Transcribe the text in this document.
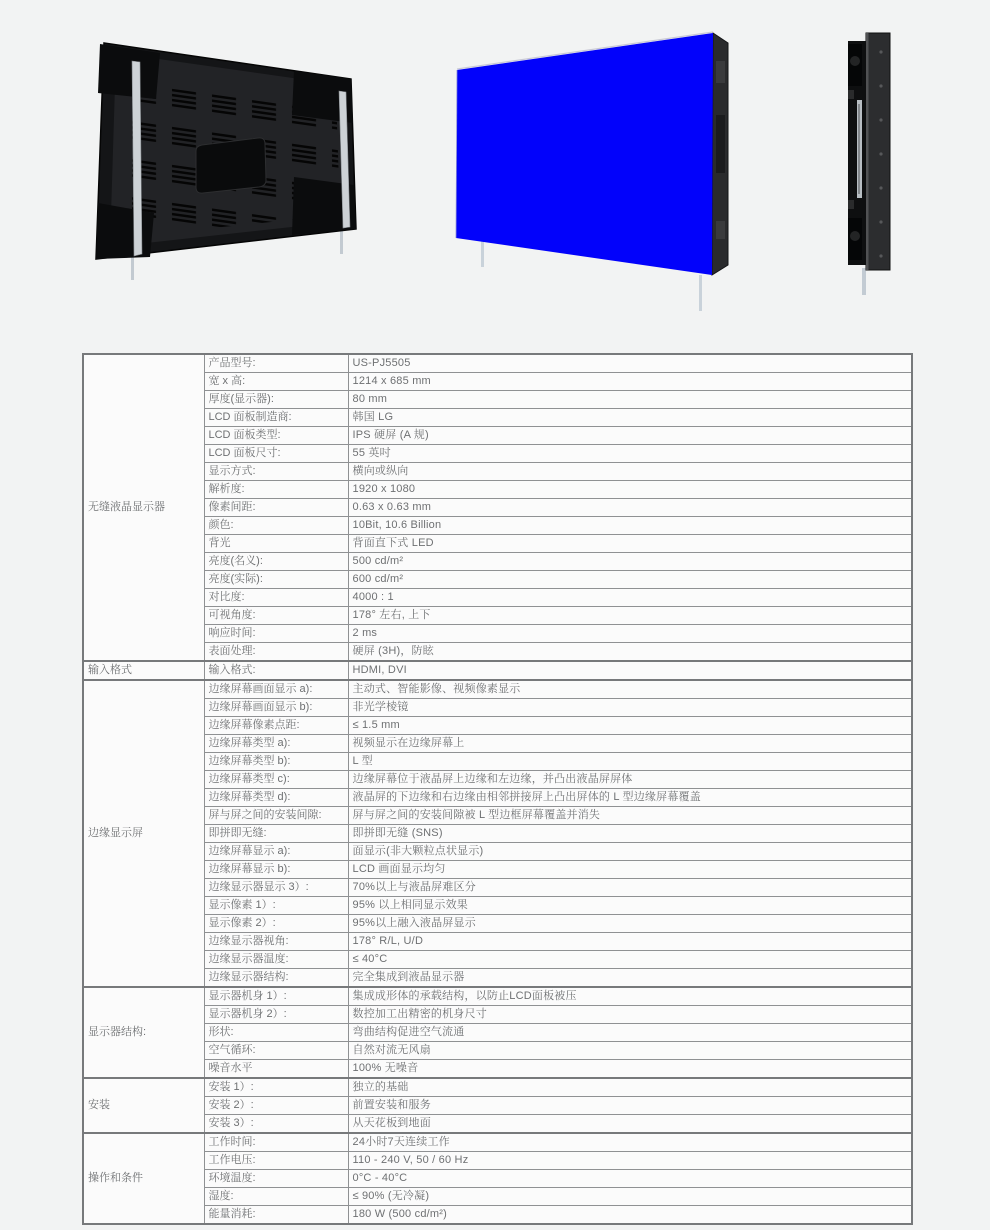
无缝液晶显示器	产品型号:	US-PJ5505
	宽 x 高:	1214 x 685 mm
	厚度(显示器):	80 mm
	LCD 面板制造商:	韩国 LG
	LCD 面板类型:	IPS 硬屏 (A 规)
	LCD 面板尺寸:	55 英吋
	显示方式:	横向或纵向
	解析度:	1920 x 1080
	像素间距:	0.63 x 0.63 mm
	颜色:	10Bit, 10.6 Billion
	背光	背面直下式 LED
	亮度(名义):	500 cd/m²
	亮度(实际):	600 cd/m²
	对比度:	4000 : 1
	可视角度:	178° 左右, 上下
	响应时间:	2 ms
	表面处理:	硬屏 (3H)，防眩
输入格式	输入格式:	HDMI, DVI
边缘显示屏	边缘屏幕画面显示 a):	主动式、智能影像、视频像素显示
	边缘屏幕画面显示 b):	非光学棱镜
	边缘屏幕像素点距:	≤ 1.5 mm
	边缘屏幕类型 a):	视频显示在边缘屏幕上
	边缘屏幕类型 b):	L 型
	边缘屏幕类型 c):	边缘屏幕位于液晶屏上边缘和左边缘，并凸出液晶屏屏体
	边缘屏幕类型 d):	液晶屏的下边缘和右边缘由相邻拼接屏上凸出屏体的 L 型边缘屏幕覆盖
	屏与屏之间的安装间隙:	屏与屏之间的安装间隙被 L 型边框屏幕覆盖并消失
	即拼即无缝:	即拼即无缝 (SNS)
	边缘屏幕显示 a):	面显示(非大颗粒点状显示)
	边缘屏幕显示 b):	LCD 画面显示均匀
	边缘显示器显示 3）:	70%以上与液晶屏难区分
	显示像素 1）:	95% 以上相同显示效果
	显示像素 2）:	95%以上融入液晶屏显示
	边缘显示器视角:	178° R/L, U/D
	边缘显示器温度:	≤ 40°C
	边缘显示器结构:	完全集成到液晶显示器
显示器结构:	显示器机身 1）:	集成成形体的承载结构，以防止LCD面板被压
	显示器机身 2）:	数控加工出精密的机身尺寸
	形状:	弯曲结构促进空气流通
	空气循环:	自然对流无风扇
	噪音水平	100% 无噪音
安装	安装 1）:	独立的基础
	安装 2）:	前置安装和服务
	安装 3）:	从天花板到地面
操作和条件	工作时间:	24小时7天连续工作
	工作电压:	110 - 240 V, 50 / 60 Hz
	环境温度:	0°C - 40°C
	湿度:	≤ 90% (无冷凝)
	能量消耗:	180 W (500 cd/m²)
